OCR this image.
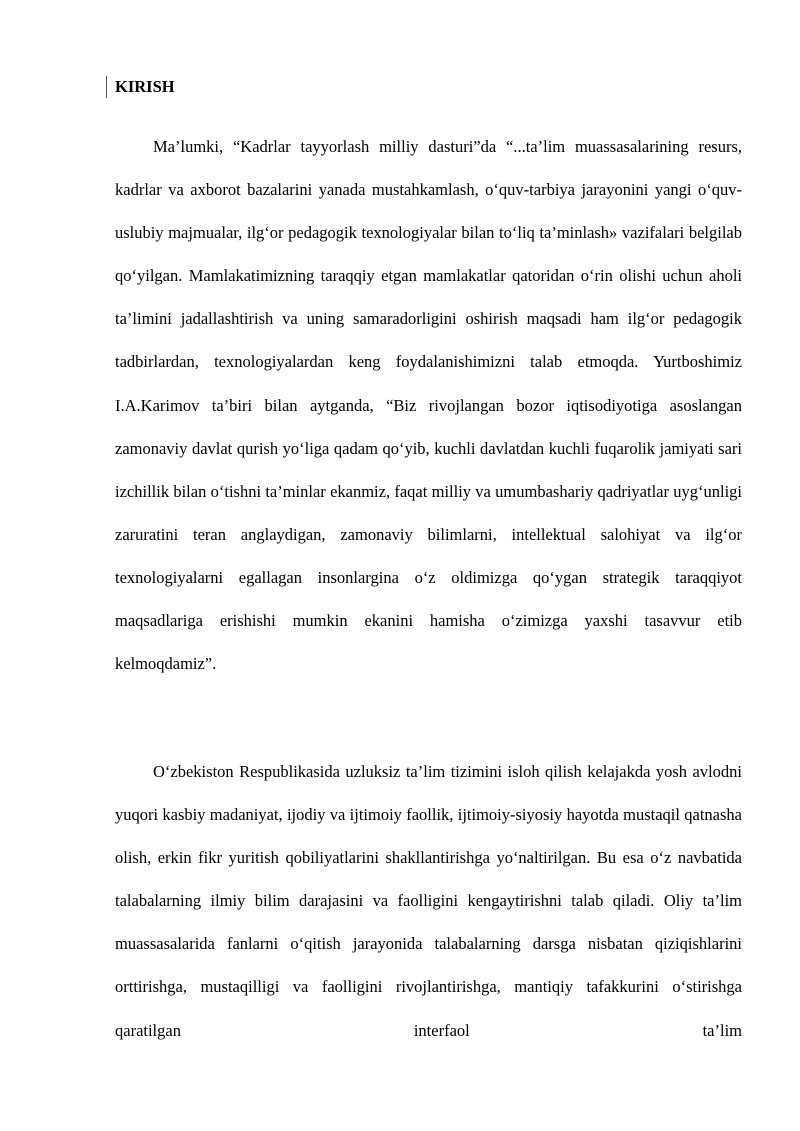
KIRISH

Ma’lumki, “Kadrlar tayyorlash milliy dasturi”da “...ta’lim muassasalarining resurs, kadrlar va axborot bazalarini yanada mustahkamlash, o‘quv-tarbiya jarayonini yangi o‘quv-uslubiy majmualar, ilg‘or pedagogik texnologiyalar bilan to‘liq ta’minlash» vazifalari belgilab qo‘yilgan. Mamlakatimizning taraqqiy etgan mamlakatlar qatoridan o‘rin olishi uchun aholi ta’limini jadallashtirish va uning samaradorligini oshirish maqsadi ham ilg‘or pedagogik tadbirlardan, texnologiyalardan keng foydalanishimizni talab etmoqda. Yurtboshimiz I.A.Karimov ta’biri bilan aytganda, “Biz rivojlangan bozor iqtisodiyotiga asoslangan zamonaviy davlat qurish yo‘liga qadam qo‘yib, kuchli davlatdan kuchli fuqarolik jamiyati sari izchillik bilan o‘tishni ta’minlar ekanmiz, faqat milliy va umumbashariy qadriyatlar uyg‘unligi zaruratini teran anglaydigan, zamonaviy bilimlarni, intellektual salohiyat va ilg‘or texnologiyalarni egallagan insonlargina o‘z oldimizga qo‘ygan strategik taraqqiyot maqsadlariga erishishi mumkin ekanini hamisha o‘zimizga yaxshi tasavvur etib kelmoqdamiz”.

O‘zbekiston Respublikasida uzluksiz ta’lim tizimini isloh qilish kelajakda yosh avlodni yuqori kasbiy madaniyat, ijodiy va ijtimoiy faollik, ijtimoiy-siyosiy hayotda mustaqil qatnasha olish, erkin fikr yuritish qobiliyatlarini shakllantirishga yo‘naltirilgan. Bu esa o‘z navbatida talabalarning ilmiy bilim darajasini va faolligini kengaytirishni talab qiladi. Oliy ta’lim muassasalarida fanlarni o‘qitish jarayonida talabalarning darsga nisbatan qiziqishlarini orttirishga, mustaqilligi va faolligini rivojlantirishga, mantiqiy tafakkurini o‘stirishga qaratilgan interfaol ta’lim
